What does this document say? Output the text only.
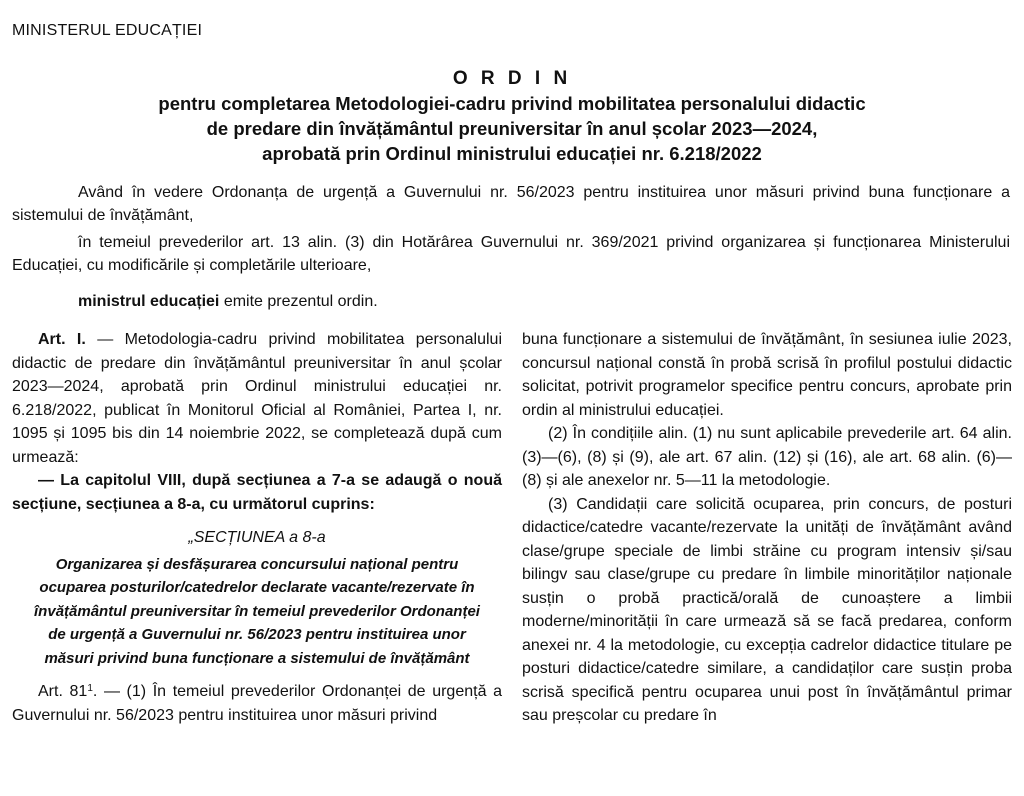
MINISTERUL EDUCAȚIEI
O R D I N
pentru completarea Metodologiei-cadru privind mobilitatea personalului didactic
de predare din învățământul preuniversitar în anul școlar 2023—2024,
aprobată prin Ordinul ministrului educației nr. 6.218/2022

Având în vedere Ordonanța de urgență a Guvernului nr. 56/2023 pentru instituirea unor măsuri privind buna funcționare a sistemului de învățământ,

în temeiul prevederilor art. 13 alin. (3) din Hotărârea Guvernului nr. 369/2021 privind organizarea și funcționarea Ministerului Educației, cu modificările și completările ulterioare,

ministrul educației emite prezentul ordin.

Art. I. — Metodologia-cadru privind mobilitatea personalului didactic de predare din învățământul preuniversitar în anul școlar 2023—2024, aprobată prin Ordinul ministrului educației nr. 6.218/2022, publicat în Monitorul Oficial al României, Partea I, nr. 1095 și 1095 bis din 14 noiembrie 2022, se completează după cum urmează:

— La capitolul VIII, după secțiunea a 7-a se adaugă o nouă secțiune, secțiunea a 8-a, cu următorul cuprins:

„SECȚIUNEA a 8-a

Organizarea și desfășurarea concursului național pentru
ocuparea posturilor/catedrelor declarate vacante/rezervate în
învățământul preuniversitar în temeiul prevederilor Ordonanței
de urgență a Guvernului nr. 56/2023 pentru instituirea unor
măsuri privind buna funcționare a sistemului de învățământ

Art. $81^1$. — (1) În temeiul prevederilor Ordonanței de urgență a Guvernului nr. 56/2023 pentru instituirea unor măsuri privind

buna funcționare a sistemului de învățământ, în sesiunea iulie 2023, concursul național constă în probă scrisă în profilul postului didactic solicitat, potrivit programelor specifice pentru concurs, aprobate prin ordin al ministrului educației.

(2) În condițiile alin. (1) nu sunt aplicabile prevederile art. 64 alin. (3)—(6), (8) și (9), ale art. 67 alin. (12) și (16), ale art. 68 alin. (6)—(8) și ale anexelor nr. 5—11 la metodologie.

(3) Candidații care solicită ocuparea, prin concurs, de posturi didactice/catedre vacante/rezervate la unități de învățământ având clase/grupe speciale de limbi străine cu program intensiv și/sau bilingv sau clase/grupe cu predare în limbile minorităților naționale susțin o probă practică/orală de cunoaștere a limbii moderne/minorității în care urmează să se facă predarea, conform anexei nr. 4 la metodologie, cu excepția cadrelor didactice titulare pe posturi didactice/catedre similare, a candidaților care susțin proba scrisă specifică pentru ocuparea unui post în învățământul primar sau preșcolar cu predare în
